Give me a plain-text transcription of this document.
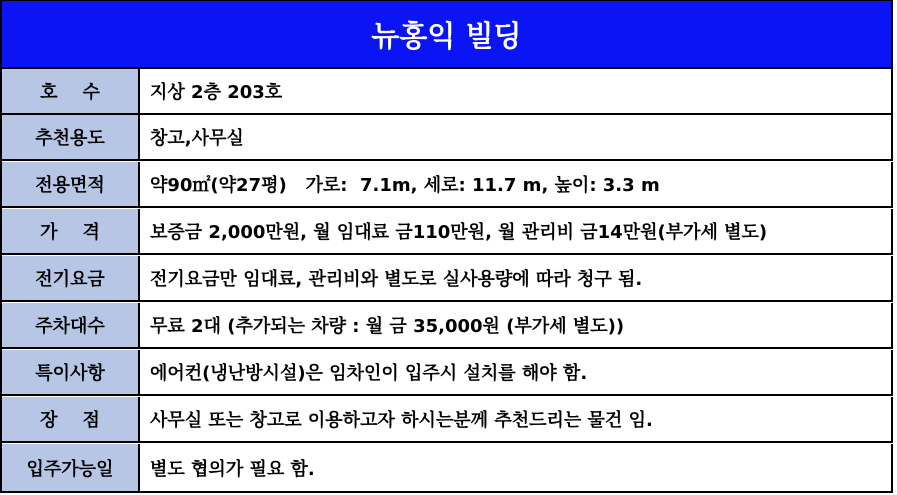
뉴홍익 빌딩
호    수	지상 2층 203호
추천용도	창고,사무실
전용면적	약90㎡(약27평)   가로:  7.1m, 세로: 11.7 m, 높이: 3.3 m
가    격	보증금 2,000만원, 월 임대료 금110만원, 월 관리비 금14만원(부가세 별도)
전기요금	전기요금만 임대료, 관리비와 별도로 실사용량에 따라 청구 됨.
주차대수	무료 2대 (추가되는 차량 : 월 금 35,000원 (부가세 별도))
특이사항	에어컨(냉난방시설)은 임차인이 입주시 설치를 해야 함.
장    점	사무실 또는 창고로 이용하고자 하시는분께 추천드리는 물건 임.
입주가능일	별도 협의가 필요 함.
